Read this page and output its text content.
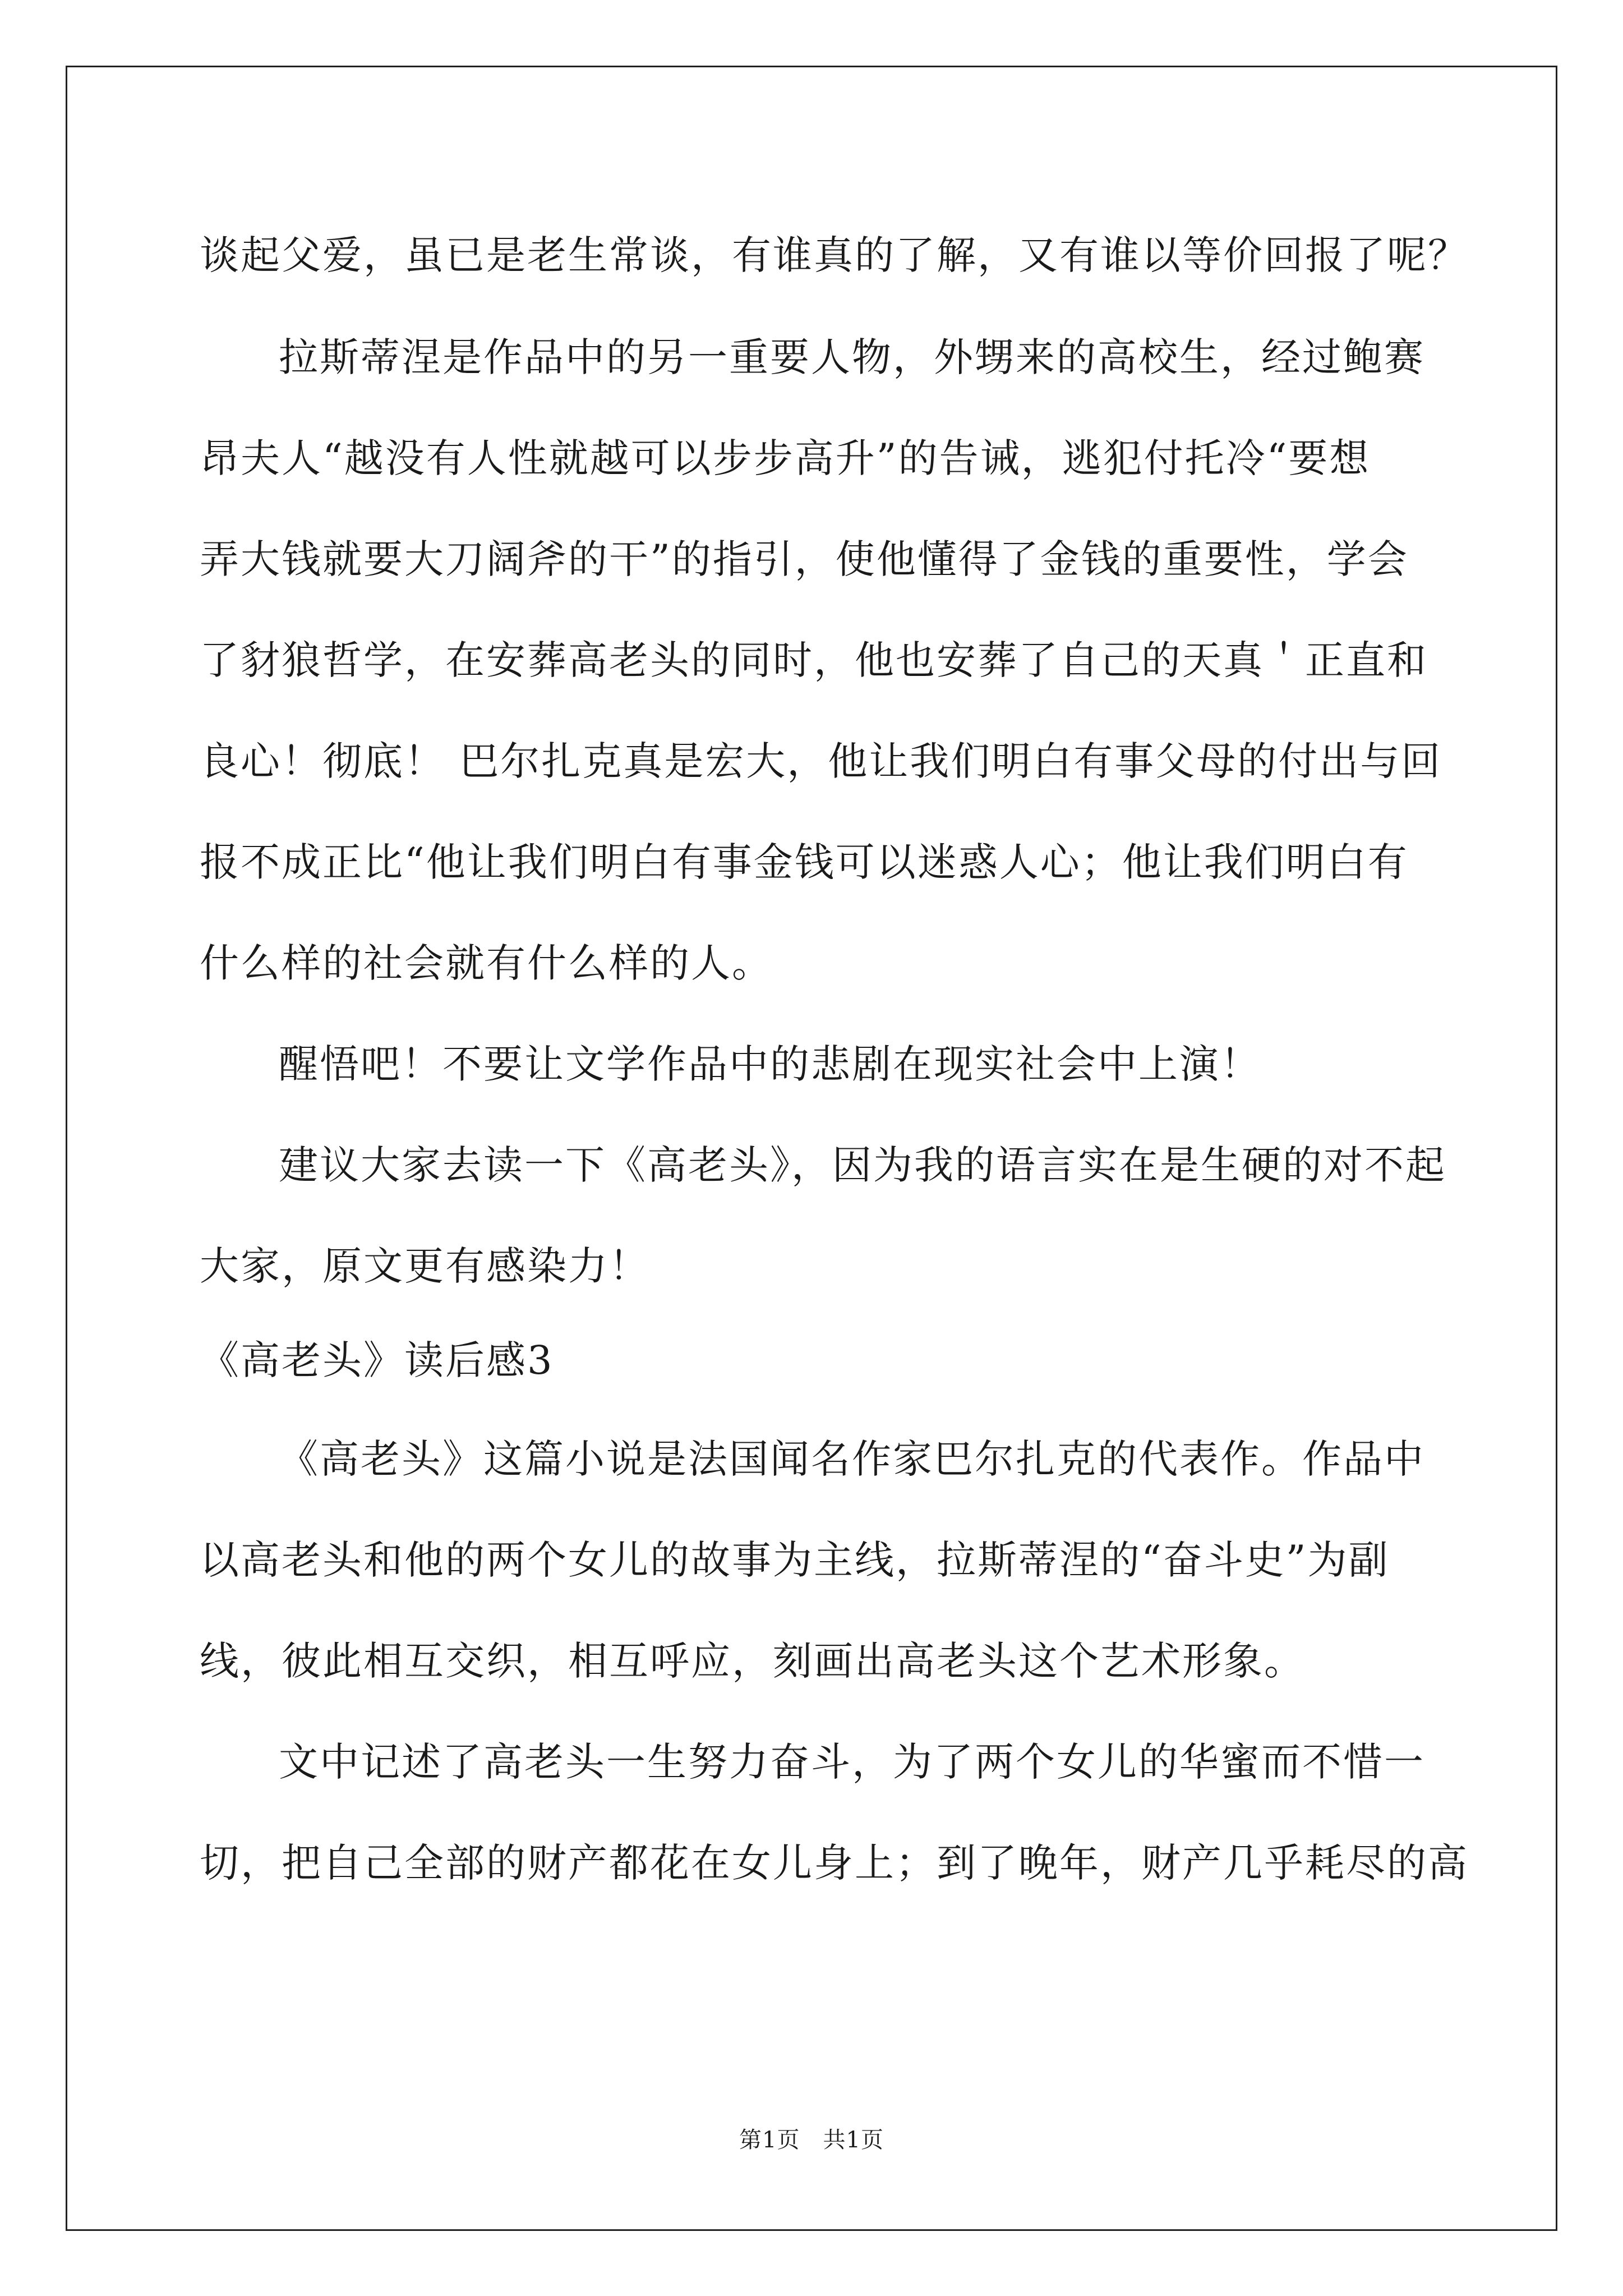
谈起父爱，虽已是老生常谈，有谁真的了解，又有谁以等价回报了呢？
拉斯蒂涅是作品中的另一重要人物，外甥来的高校生，经过鲍赛
昂夫人“越没有人性就越可以步步高升”的告诫，逃犯付托冷“要想
弄大钱就要大刀阔斧的干”的指引，使他懂得了金钱的重要性，学会
了豺狼哲学，在安葬高老头的同时，他也安葬了自己的天真＇正直和
良心！彻底！ 巴尔扎克真是宏大，他让我们明白有事父母的付出与回
报不成正比“他让我们明白有事金钱可以迷惑人心；他让我们明白有
什么样的社会就有什么样的人。
醒悟吧！不要让文学作品中的悲剧在现实社会中上演！
建议大家去读一下《高老头》，因为我的语言实在是生硬的对不起
大家，原文更有感染力！
《高老头》读后感3
《高老头》这篇小说是法国闻名作家巴尔扎克的代表作。作品中
以高老头和他的两个女儿的故事为主线，拉斯蒂涅的“奋斗史”为副
线，彼此相互交织，相互呼应，刻画出高老头这个艺术形象。
文中记述了高老头一生努力奋斗，为了两个女儿的华蜜而不惜一
切，把自己全部的财产都花在女儿身上；到了晚年，财产几乎耗尽的高
第1页　共1页
